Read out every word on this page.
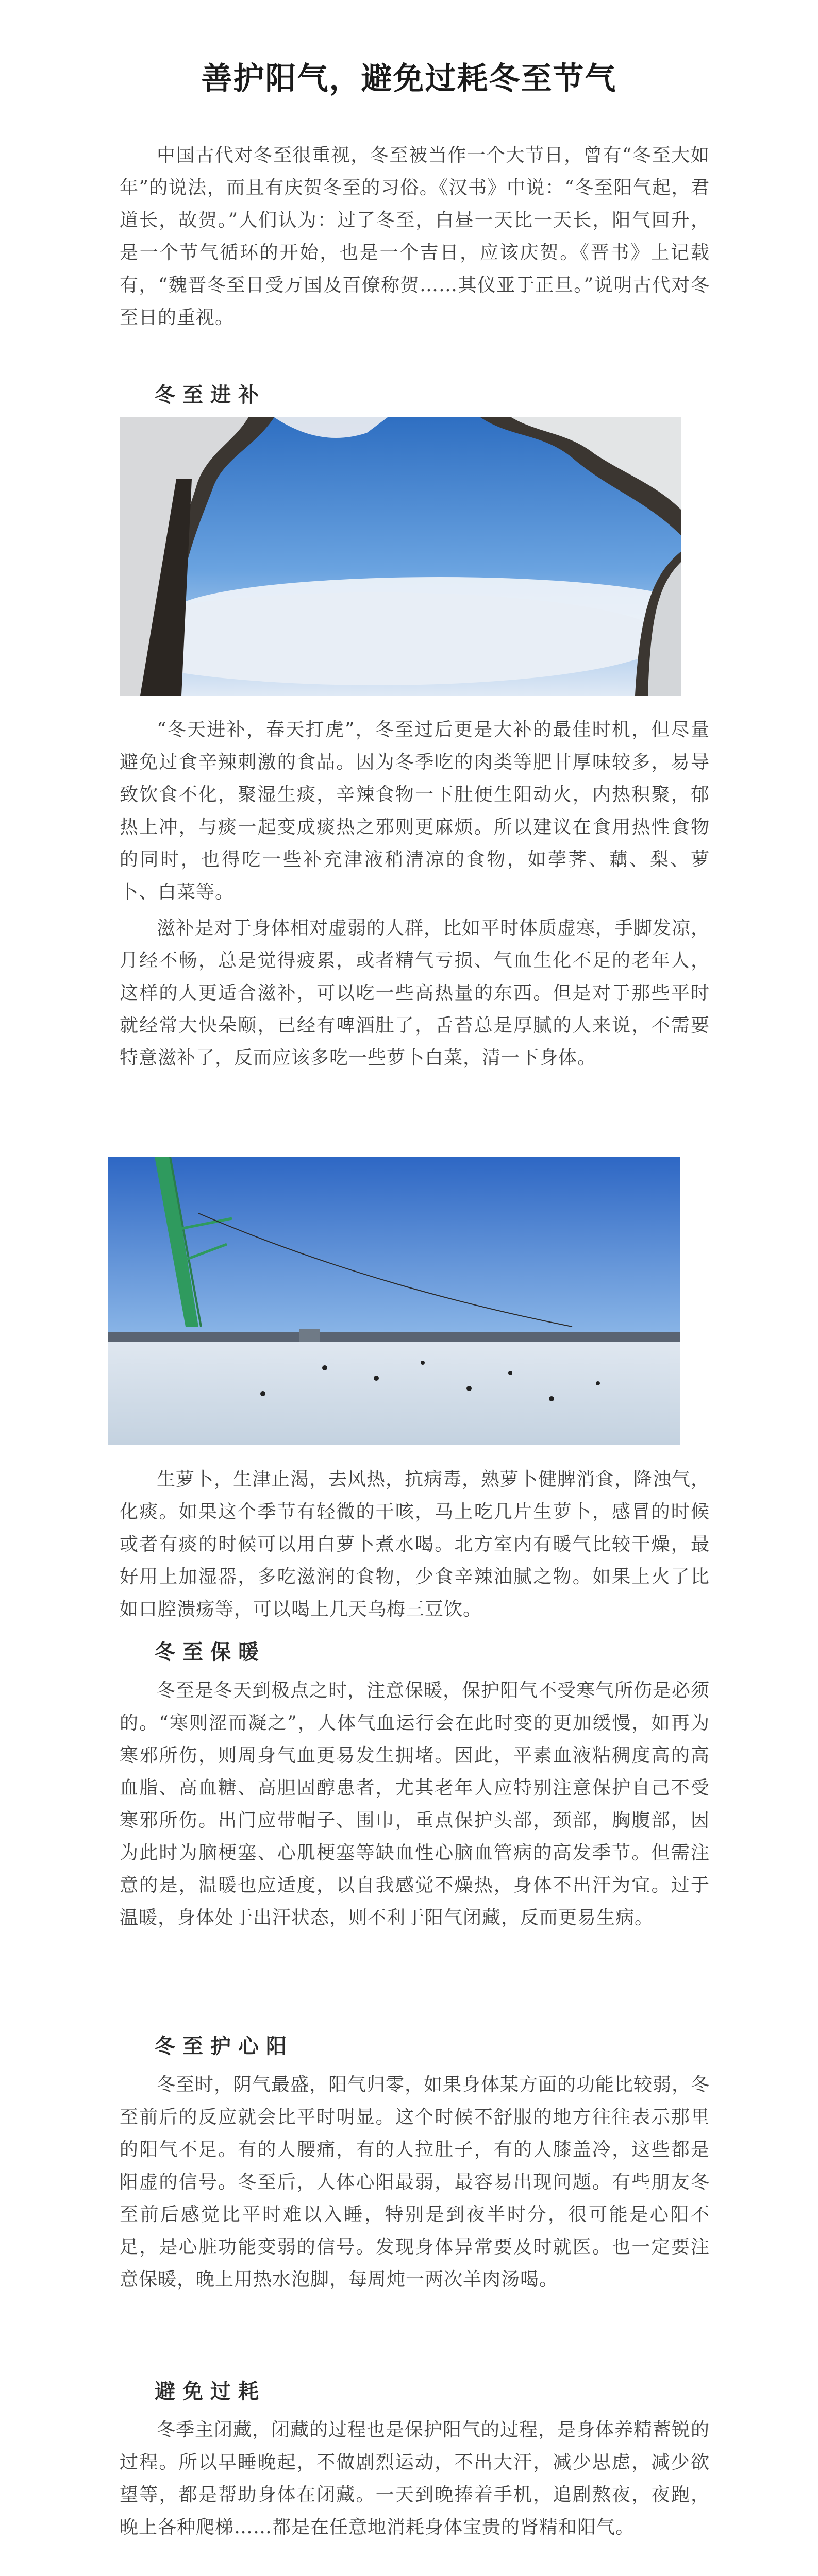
善护阳气，避免过耗冬至节气

中国古代对冬至很重视，冬至被当作一个大节日，曾有“冬至大如年”的说法，而且有庆贺冬至的习俗。《汉书》中说：“冬至阳气起，君道长，故贺。”人们认为：过了冬至，白昼一天比一天长，阳气回升，是一个节气循环的开始，也是一个吉日，应该庆贺。《晋书》上记载有，“魏晋冬至日受万国及百僚称贺……其仪亚于正旦。”说明古代对冬至日的重视。

冬至进补

“冬天进补，春天打虎”，冬至过后更是大补的最佳时机，但尽量避免过食辛辣刺激的食品。因为冬季吃的肉类等肥甘厚味较多，易导致饮食不化，聚湿生痰，辛辣食物一下肚便生阳动火，内热积聚，郁热上冲，与痰一起变成痰热之邪则更麻烦。所以建议在食用热性食物的同时，也得吃一些补充津液稍清凉的食物，如荸荠、藕、梨、萝卜、白菜等。

滋补是对于身体相对虚弱的人群，比如平时体质虚寒，手脚发凉，月经不畅，总是觉得疲累，或者精气亏损、气血生化不足的老年人，这样的人更适合滋补，可以吃一些高热量的东西。但是对于那些平时就经常大快朵颐，已经有啤酒肚了，舌苔总是厚腻的人来说，不需要特意滋补了，反而应该多吃一些萝卜白菜，清一下身体。

生萝卜，生津止渴，去风热，抗病毒，熟萝卜健脾消食，降浊气，化痰。如果这个季节有轻微的干咳，马上吃几片生萝卜，感冒的时候或者有痰的时候可以用白萝卜煮水喝。北方室内有暖气比较干燥，最好用上加湿器，多吃滋润的食物，少食辛辣油腻之物。如果上火了比如口腔溃疡等，可以喝上几天乌梅三豆饮。

冬至保暖

冬至是冬天到极点之时，注意保暖，保护阳气不受寒气所伤是必须的。“寒则涩而凝之”，人体气血运行会在此时变的更加缓慢，如再为寒邪所伤，则周身气血更易发生拥堵。因此，平素血液粘稠度高的高血脂、高血糖、高胆固醇患者，尤其老年人应特别注意保护自己不受寒邪所伤。出门应带帽子、围巾，重点保护头部，颈部，胸腹部，因为此时为脑梗塞、心肌梗塞等缺血性心脑血管病的高发季节。但需注意的是，温暖也应适度，以自我感觉不燥热，身体不出汗为宜。过于温暖，身体处于出汗状态，则不利于阳气闭藏，反而更易生病。

冬至护心阳

冬至时，阴气最盛，阳气归零，如果身体某方面的功能比较弱，冬至前后的反应就会比平时明显。这个时候不舒服的地方往往表示那里的阳气不足。有的人腰痛，有的人拉肚子，有的人膝盖冷，这些都是阳虚的信号。冬至后，人体心阳最弱，最容易出现问题。有些朋友冬至前后感觉比平时难以入睡，特别是到夜半时分，很可能是心阳不足，是心脏功能变弱的信号。发现身体异常要及时就医。也一定要注意保暖，晚上用热水泡脚，每周炖一两次羊肉汤喝。

避免过耗

冬季主闭藏，闭藏的过程也是保护阳气的过程，是身体养精蓄锐的过程。所以早睡晚起，不做剧烈运动，不出大汗，减少思虑，减少欲望等，都是帮助身体在闭藏。一天到晚捧着手机，追剧熬夜，夜跑，晚上各种爬梯……都是在任意地消耗身体宝贵的肾精和阳气。
